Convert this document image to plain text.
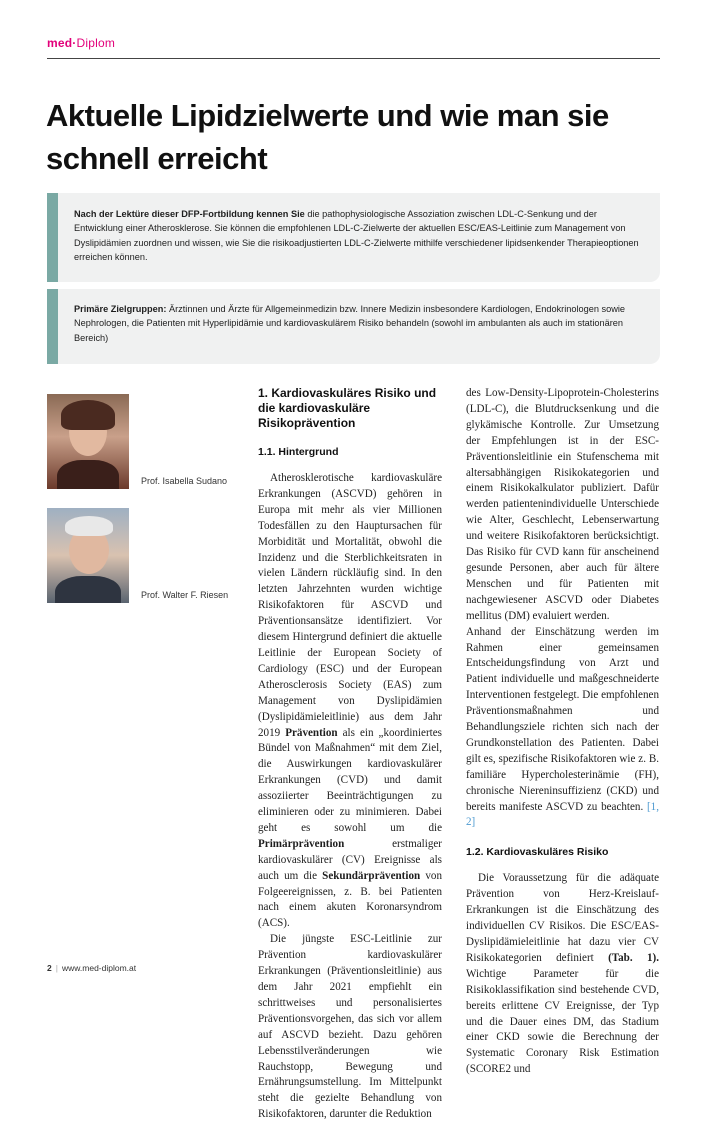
med·Diplom
Aktuelle Lipidzielwerte und wie man sie schnell erreicht
Nach der Lektüre dieser DFP-Fortbildung kennen Sie die pathophysiologische Assoziation zwischen LDL-C-Senkung und der Entwicklung einer Atherosklerose. Sie können die empfohlenen LDL-C-Zielwerte der aktuellen ESC/EAS-Leitlinie zum Management von Dyslipidämien zuordnen und wissen, wie Sie die risikoadjustierten LDL-C-Zielwerte mithilfe verschiedener lipidsenkender Therapieoptionen erreichen können.
Primäre Zielgruppen: Ärztinnen und Ärzte für Allgemeinmedizin bzw. Innere Medizin insbesondere Kardiologen, Endokrinologen sowie Nephrologen, die Patienten mit Hyperlipidämie und kardiovaskulärem Risiko behandeln (sowohl im ambulanten als auch im stationären Bereich)
Prof. Isabella Sudano
Prof. Walter F. Riesen
1. Kardiovaskuläres Risiko und die kardiovaskuläre Risikoprävention
1.1. Hintergrund

Atherosklerotische kardiovaskuläre Erkrankungen (ASCVD) gehören in Europa mit mehr als vier Millionen Todesfällen zu den Hauptursachen für Morbidität und Mortalität, obwohl die Inzidenz und die Sterblichkeitsraten in vielen Ländern rückläufig sind. In den letzten Jahrzehnten wurden wichtige Risikofaktoren für ASCVD und Präventionsansätze identifiziert. Vor diesem Hintergrund definiert die aktuelle Leitlinie der European Society of Cardiology (ESC) und der European Atherosclerosis Society (EAS) zum Management von Dyslipidämien (Dyslipidämieleitlinie) aus dem Jahr 2019 Prävention als ein „koordiniertes Bündel von Maßnahmen“ mit dem Ziel, die Auswirkungen kardiovaskulärer Erkrankungen (CVD) und damit assoziierter Beeinträchtigungen zu eliminieren oder zu minimieren. Dabei geht es sowohl um die Primärprävention erstmaliger kardiovaskulärer (CV) Ereignisse als auch um die Sekundärprävention von Folgeereignissen, z. B. bei Patienten nach einem akuten Koronarsyndrom (ACS).

Die jüngste ESC-Leitlinie zur Prävention kardiovaskulärer Erkrankungen (Präventionsleitlinie) aus dem Jahr 2021 empfiehlt ein schrittweises und personalisiertes Präventionsvorgehen, das sich vor allem auf ASCVD bezieht. Dazu gehören Lebensstilveränderungen wie Rauchstopp, Bewegung und Ernährungsumstellung. Im Mittelpunkt steht die gezielte Behandlung von Risikofaktoren, darunter die Reduktion

des Low-Density-Lipoprotein-Cholesterins (LDL-C), die Blutdrucksenkung und die glykämische Kontrolle. Zur Umsetzung der Empfehlungen ist in der ESC-Präventionsleitlinie ein Stufenschema mit altersabhängigen Risikokategorien und einem Risikokalkulator publiziert. Dafür werden patientenindividuelle Unterschiede wie Alter, Geschlecht, Lebenserwartung und weitere Risikofaktoren berücksichtigt. Das Risiko für CVD kann für anscheinend gesunde Personen, aber auch für ältere Menschen und für Patienten mit nachgewiesener ASCVD oder Diabetes mellitus (DM) evaluiert werden.

Anhand der Einschätzung werden im Rahmen einer gemeinsamen Entscheidungsfindung von Arzt und Patient individuelle und maßgeschneiderte Interventionen festgelegt. Die empfohlenen Präventionsmaßnahmen und Behandlungsziele richten sich nach der Grundkonstellation des Patienten. Dabei gilt es, spezifische Risikofaktoren wie z. B. familiäre Hypercholesterinämie (FH), chronische Niereninsuffizienz (CKD) und bereits manifeste ASCVD zu beachten. [1, 2]

1.2. Kardiovaskuläres Risiko

Die Voraussetzung für die adäquate Prävention von Herz-Kreislauf-Erkrankungen ist die Einschätzung des individuellen CV Risikos. Die ESC/EAS-Dyslipidämieleitlinie hat dazu vier CV Risikokategorien definiert (Tab. 1). Wichtige Parameter für die Risikoklassifikation sind bestehende CVD, bereits erlittene CV Ereignisse, der Typ und die Dauer eines DM, das Stadium einer CKD sowie die Berechnung der Systematic Coronary Risk Estimation (SCORE2 und

2 | www.med-diplom.at
